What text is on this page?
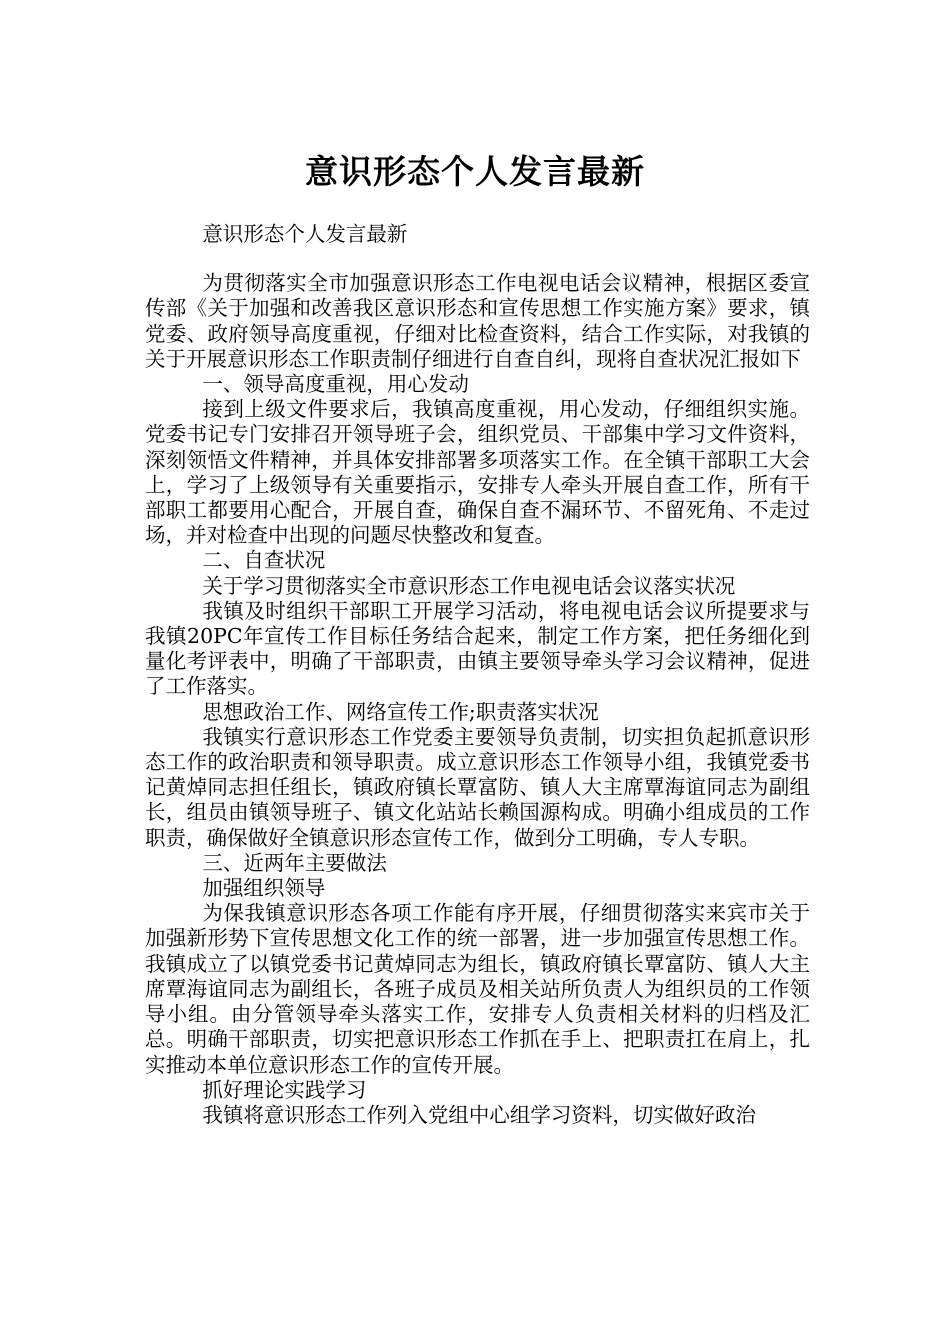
意识形态个人发言最新

意识形态个人发言最新

为贯彻落实全市加强意识形态工作电视电话会议精神，根据区委宣传部《关于加强和改善我区意识形态和宣传思想工作实施方案》要求，镇党委、政府领导高度重视，仔细对比检查资料，结合工作实际，对我镇的关于开展意识形态工作职责制仔细进行自查自纠，现将自查状况汇报如下

一、领导高度重视，用心发动

接到上级文件要求后，我镇高度重视，用心发动，仔细组织实施。党委书记专门安排召开领导班子会，组织党员、干部集中学习文件资料，深刻领悟文件精神，并具体安排部署多项落实工作。在全镇干部职工大会上，学习了上级领导有关重要指示，安排专人牵头开展自查工作，所有干部职工都要用心配合，开展自查，确保自查不漏环节、不留死角、不走过场，并对检查中出现的问题尽快整改和复查。

二、自查状况

关于学习贯彻落实全市意识形态工作电视电话会议落实状况

我镇及时组织干部职工开展学习活动，将电视电话会议所提要求与我镇20PC年宣传工作目标任务结合起来，制定工作方案，把任务细化到量化考评表中，明确了干部职责，由镇主要领导牵头学习会议精神，促进了工作落实。

思想政治工作、网络宣传工作;职责落实状况

我镇实行意识形态工作党委主要领导负责制，切实担负起抓意识形态工作的政治职责和领导职责。成立意识形态工作领导小组，我镇党委书记黄焯同志担任组长，镇政府镇长覃富防、镇人大主席覃海谊同志为副组长，组员由镇领导班子、镇文化站站长赖国源构成。明确小组成员的工作职责，确保做好全镇意识形态宣传工作，做到分工明确，专人专职。

三、近两年主要做法

加强组织领导

为保我镇意识形态各项工作能有序开展，仔细贯彻落实来宾市关于加强新形势下宣传思想文化工作的统一部署，进一步加强宣传思想工作。我镇成立了以镇党委书记黄焯同志为组长，镇政府镇长覃富防、镇人大主席覃海谊同志为副组长，各班子成员及相关站所负责人为组织员的工作领导小组。由分管领导牵头落实工作，安排专人负责相关材料的归档及汇总。明确干部职责，切实把意识形态工作抓在手上、把职责扛在肩上，扎实推动本单位意识形态工作的宣传开展。

抓好理论实践学习

我镇将意识形态工作列入党组中心组学习资料，切实做好政治
